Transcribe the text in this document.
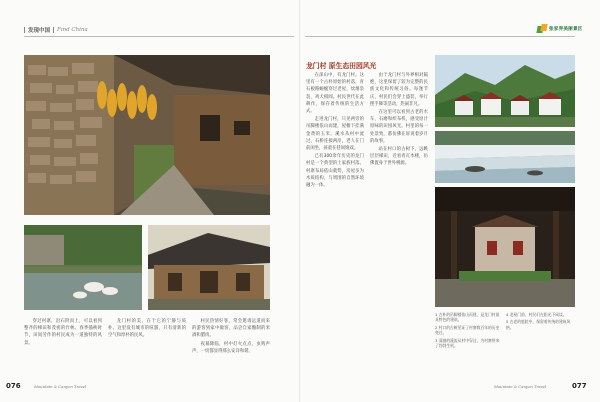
发现中国 Find China	张家界美丽景区

穿过村寨，沿石阶而上，可以看到整齐的梯田和茂密的竹林。春季插秧时节，田间劳作的村民成为一道独特的风景。

龙门村的美，在于它的宁静与质朴。这里没有城市的喧嚣，只有清新的空气和淳朴的民风。

村民热情好客，常会邀请远道而来的游客到家中做客，品尝自家酿制的米酒和腊肉。

夜幕降临，村中灯火点点，虫鸣声声，一切都显得那么安详和谐。

龙门村 原生态田园风光

在深山中，有龙门村。这里有一个古朴原始的村落，青石板路蜿蜒穿过老屋，炊烟袅袅，鸡犬相闻。村民世代在此耕作，保存着传统的生活方式。

走进龙门村，只见两旁的吊脚楼依山而建，屋檐下挂满金黄的玉米。溪水从村中流过，石桥连接两岸，老人在门前闲坐，孩童在巷间嬉戏。

已有300余年历史的龙门村是一个典型的土家族村落。村寨布局依山就势，房屋多为木质结构，与周围的自然环境融为一体。

由于龙门村与外界相对隔绝，这里保留了较为完整的民族文化和传统习俗。每逢节庆，村民们会穿上盛装，举行摆手舞等活动，热闹非凡。

在这里可以看到古老的水车、石磨和织布机，感受原汁原味的田园风光。村里的每一处景致，都仿佛在诉说着岁月的故事。

站在村口的古树下，远眺层层梯田，近看青瓦木楼，仿佛置身于世外桃源。

1 古朴的吊脚楼依山而建，是龙门村最具特色的建筑。
2 村口的古树见证了村寨数百年的历史变迁。
3 清澈的溪流从村中穿过，为村寨带来了勃勃生机。
4 老屋门前，村民们在阳光下闲谈。
5 古老的庭院中，保留着传统的建筑风格。
076	Mountain & Canyon Travel	Mountain & Canyon Travel	077
